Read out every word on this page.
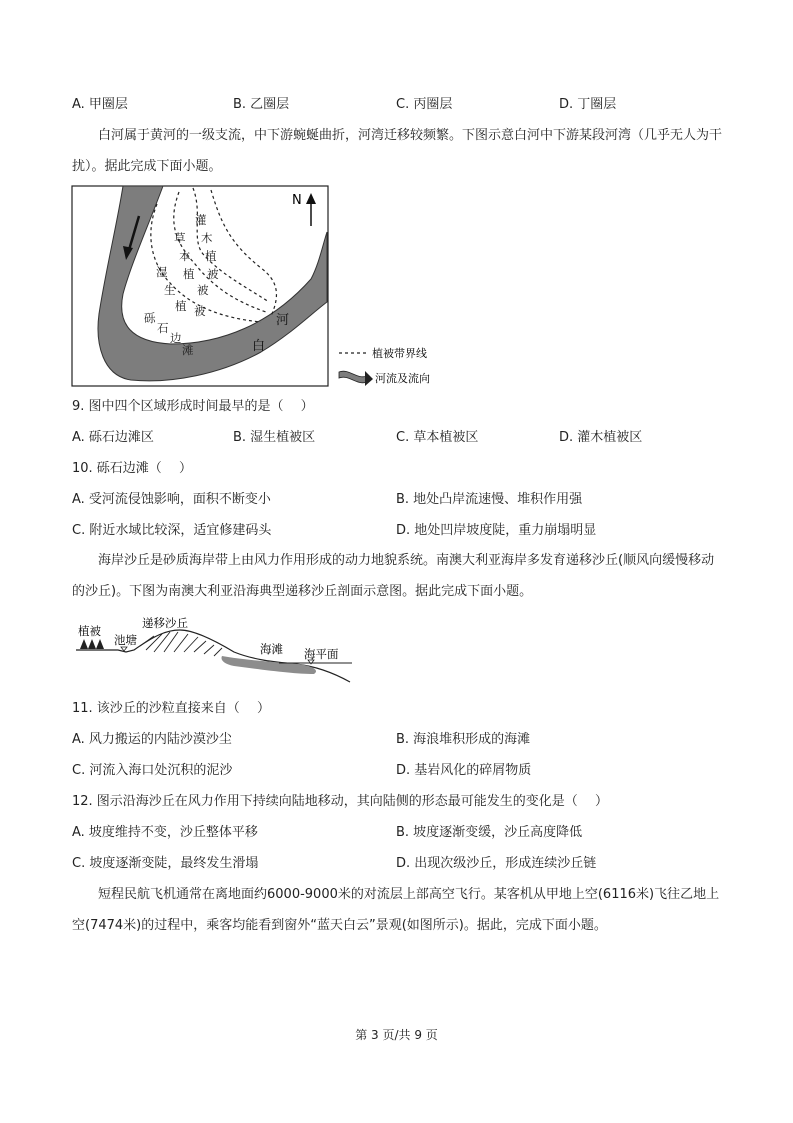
A. 甲圈层	B. 乙圈层	C. 丙圈层	D. 丁圈层
白河属于黄河的一级支流，中下游蜿蜒曲折，河湾迁移较频繁。下图示意白河中下游某段河湾（几乎无人为干扰）。据此完成下面小题。
N
灌
木
植
被
草
本
植
被
湿
生
植 被
砾
石
边
滩
河
白	植被带界线
河流及流向
9. 图中四个区域形成时间最早的是（　 ）
A. 砾石边滩区	B. 湿生植被区	C. 草本植被区	D. 灌木植被区
10. 砾石边滩（　 ）
A. 受河流侵蚀影响，面积不断变小	B. 地处凸岸流速慢、堆积作用强
C. 附近水域比较深，适宜修建码头	D. 地处凹岸坡度陡，重力崩塌明显
海岸沙丘是砂质海岸带上由风力作用形成的动力地貌系统。南澳大利亚海岸多发育递移沙丘(顺风向缓慢移动的沙丘)。下图为南澳大利亚沿海典型递移沙丘剖面示意图。据此完成下面小题。
植被
递移沙丘
池塘
海滩 海平面
11. 该沙丘的沙粒直接来自（　 ）
A. 风力搬运的内陆沙漠沙尘	B. 海浪堆积形成的海滩
C. 河流入海口处沉积的泥沙	D. 基岩风化的碎屑物质
12. 图示沿海沙丘在风力作用下持续向陆地移动，其向陆侧的形态最可能发生的变化是（　 ）
A. 坡度维持不变，沙丘整体平移	B. 坡度逐渐变缓，沙丘高度降低
C. 坡度逐渐变陡，最终发生滑塌	D. 出现次级沙丘，形成连续沙丘链
短程民航飞机通常在离地面约6000-9000米的对流层上部高空飞行。某客机从甲地上空(6116米)飞往乙地上空(7474米)的过程中，乘客均能看到窗外“蓝天白云”景观(如图所示)。据此，完成下面小题。
第 3 页/共 9 页
